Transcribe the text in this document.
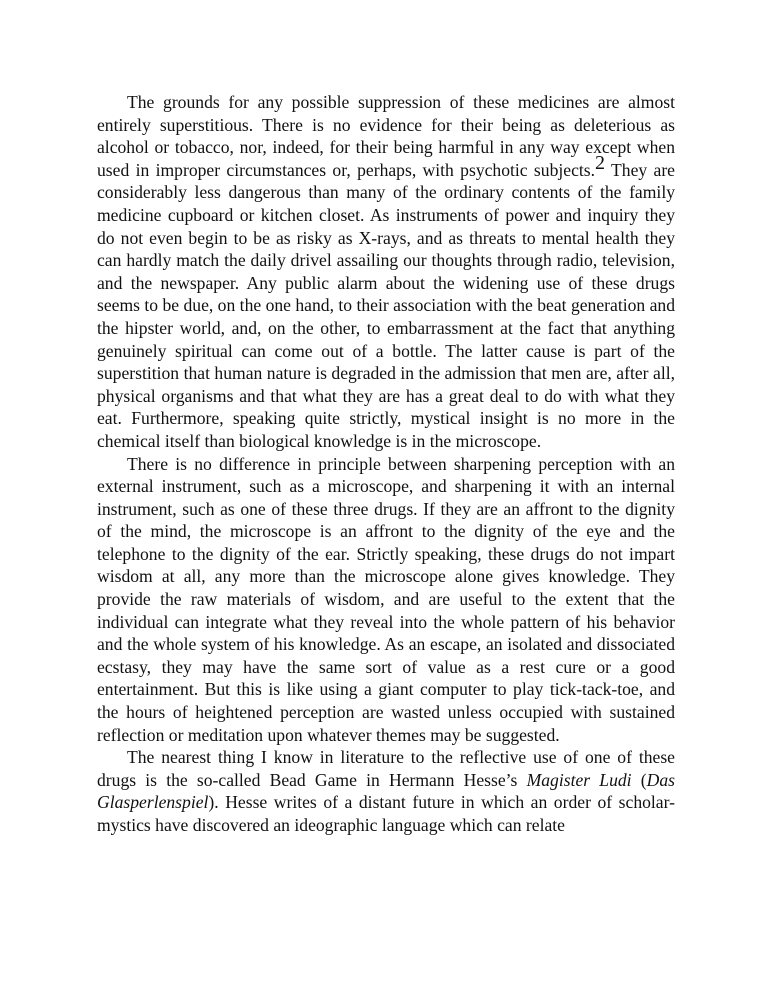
The grounds for any possible suppression of these medicines are almost entirely superstitious. There is no evidence for their being as deleterious as alcohol or tobacco, nor, indeed, for their being harmful in any way except when used in improper circumstances or, perhaps, with psychotic subjects.$^2$ They are considerably less dangerous than many of the ordinary contents of the family medicine cupboard or kitchen closet. As instruments of power and inquiry they do not even begin to be as risky as X-rays, and as threats to mental health they can hardly match the daily drivel assailing our thoughts through radio, television, and the newspaper. Any public alarm about the widening use of these drugs seems to be due, on the one hand, to their association with the beat generation and the hipster world, and, on the other, to embarrassment at the fact that anything genuinely spiritual can come out of a bottle. The latter cause is part of the superstition that human nature is degraded in the admission that men are, after all, physical organisms and that what they are has a great deal to do with what they eat. Furthermore, speaking quite strictly, mystical insight is no more in the chemical itself than biological knowledge is in the microscope.

There is no difference in principle between sharpening perception with an external instrument, such as a microscope, and sharpening it with an internal instrument, such as one of these three drugs. If they are an affront to the dignity of the mind, the microscope is an affront to the dignity of the eye and the telephone to the dignity of the ear. Strictly speaking, these drugs do not impart wisdom at all, any more than the microscope alone gives knowledge. They provide the raw materials of wisdom, and are useful to the extent that the individual can integrate what they reveal into the whole pattern of his behavior and the whole system of his knowledge. As an escape, an isolated and dissociated ecstasy, they may have the same sort of value as a rest cure or a good entertainment. But this is like using a giant computer to play tick-tack-toe, and the hours of heightened perception are wasted unless occupied with sustained reflection or meditation upon whatever themes may be suggested.

The nearest thing I know in literature to the reflective use of one of these drugs is the so-called Bead Game in Hermann Hesse’s Magister Ludi (Das Glasperlenspiel). Hesse writes of a distant future in which an order of scholar-mystics have discovered an ideographic language which can relate
